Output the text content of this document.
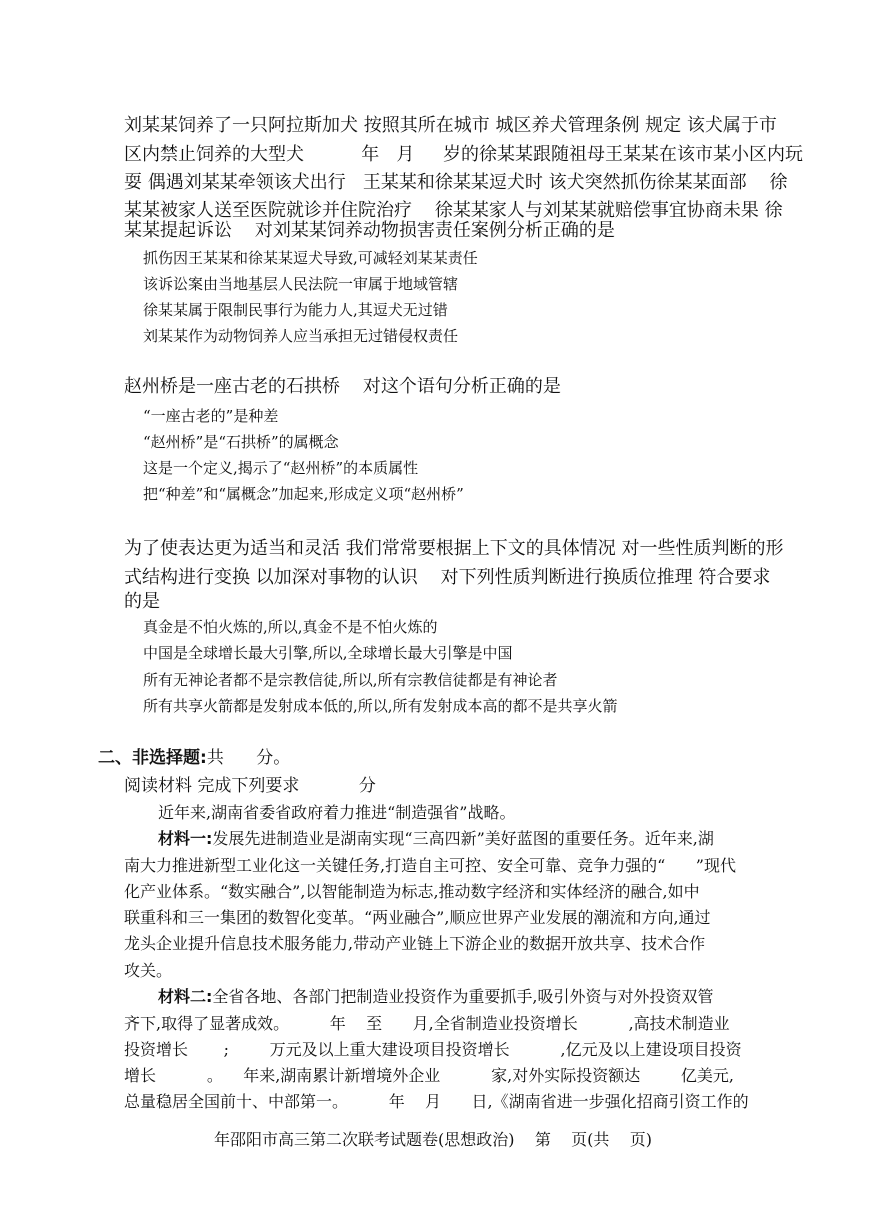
刘某某饲养了一只阿拉斯加犬 按照其所在城市 城区养犬管理条例 规定 该犬属于市
区内禁止饲养的大型犬          年   月     岁的徐某某跟随祖母王某某在该市某小区内玩
耍 偶遇刘某某牵领该犬出行   王某某和徐某某逗犬时 该犬突然抓伤徐某某面部    徐
某某被家人送至医院就诊并住院治疗    徐某某家人与刘某某就赔偿事宜协商未果 徐
某某提起诉讼    对刘某某饲养动物损害责任案例分析正确的是
抓伤因王某某和徐某某逗犬导致,可减轻刘某某责任
该诉讼案由当地基层人民法院一审属于地域管辖
徐某某属于限制民事行为能力人,其逗犬无过错
刘某某作为动物饲养人应当承担无过错侵权责任
赵州桥是一座古老的石拱桥    对这个语句分析正确的是
“一座古老的”是种差
“赵州桥”是“石拱桥”的属概念
这是一个定义,揭示了“赵州桥”的本质属性
把“种差”和“属概念”加起来,形成定义项“赵州桥”
为了使表达更为适当和灵活 我们常常要根据上下文的具体情况 对一些性质判断的形
式结构进行变换 以加深对事物的认识    对下列性质判断进行换质位推理 符合要求
的是
真金是不怕火炼的,所以,真金不是不怕火炼的
中国是全球增长最大引擎,所以,全球增长最大引擎是中国
所有无神论者都不是宗教信徒,所以,所有宗教信徒都是有神论者
所有共享火箭都是发射成本低的,所以,所有发射成本高的都不是共享火箭
二、非选择题:共      分。
阅读材料 完成下列要求           分
近年来,湖南省委省政府着力推进“制造强省”战略。
材料一:发展先进制造业是湖南实现“三高四新”美好蓝图的重要任务。近年来,湖
南大力推进新型工业化这一关键任务,打造自主可控、安全可靠、竞争力强的“      ”现代
化产业体系。“数实融合”,以智能制造为标志,推动数字经济和实体经济的融合,如中
联重科和三一集团的数智化变革。“两业融合”,顺应世界产业发展的潮流和方向,通过
龙头企业提升信息技术服务能力,带动产业链上下游企业的数据开放共享、技术合作
攻关。
材料二:全省各地、各部门把制造业投资作为重要抓手,吸引外资与对外投资双管
齐下,取得了显著成效。        年    至      月,全省制造业投资增长          ,高技术制造业
投资增长       ;        万元及以上重大建设项目投资增长          ,亿元及以上建设项目投资
增长          。    年来,湖南累计新增境外企业          家,对外实际投资额达        亿美元,
总量稳居全国前十、中部第一。        年    月      日,《湖南省进一步强化招商引资工作的
年邵阳市高三第二次联考试题卷(思想政治)    第    页(共    页)
